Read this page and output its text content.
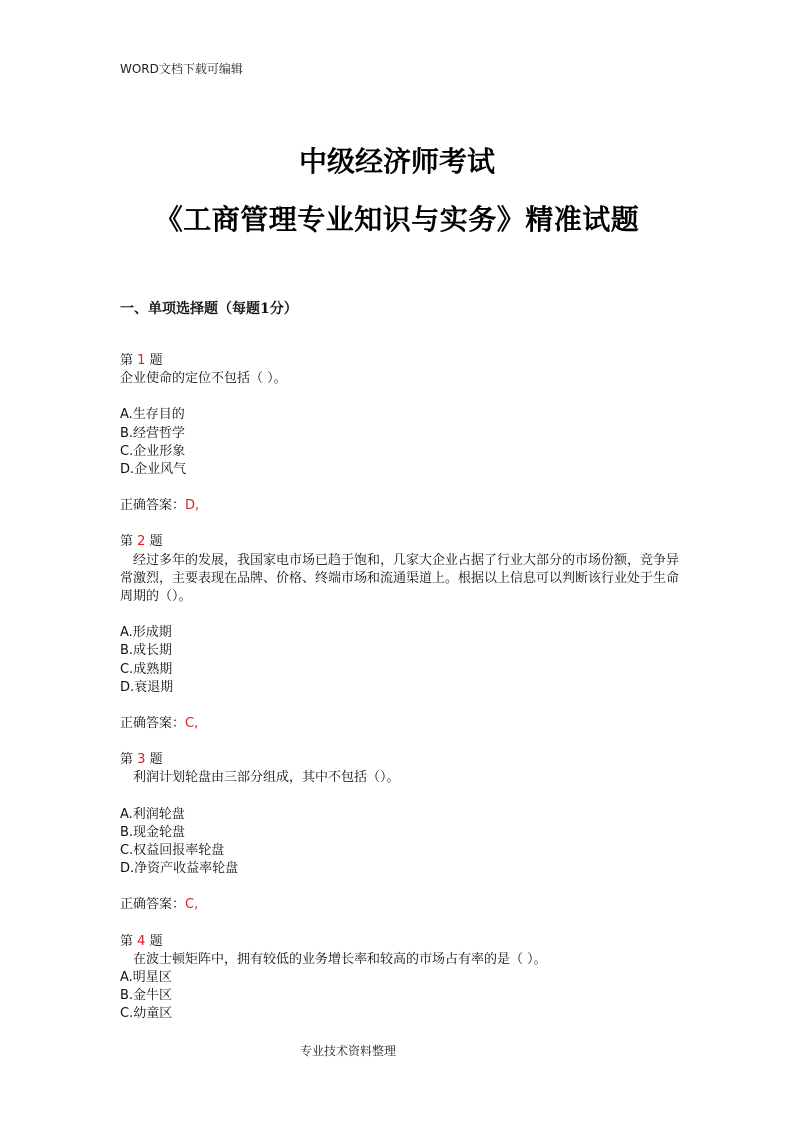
WORD文档下载可编辑
中级经济师考试
《工商管理专业知识与实务》精准试题
一、单项选择题（每题1分）
第 1 题
企业使命的定位不包括（ ）。
A.生存目的
B.经营哲学
C.企业形象
D.企业风气
正确答案：D,
第 2 题
经过多年的发展，我国家电市场已趋于饱和，几家大企业占据了行业大部分的市场份额，竞争异常激烈，主要表现在品牌、价格、终端市场和流通渠道上。根据以上信息可以判断该行业处于生命周期的（）。
A.形成期
B.成长期
C.成熟期
D.衰退期
正确答案：C,
第 3 题
利润计划轮盘由三部分组成，其中不包括（）。
A.利润轮盘
B.现金轮盘
C.权益回报率轮盘
D.净资产收益率轮盘
正确答案：C,
第 4 题
在波士顿矩阵中，拥有较低的业务增长率和较高的市场占有率的是（ ）。
A.明星区
B.金牛区
C.幼童区
专业技术资料整理
